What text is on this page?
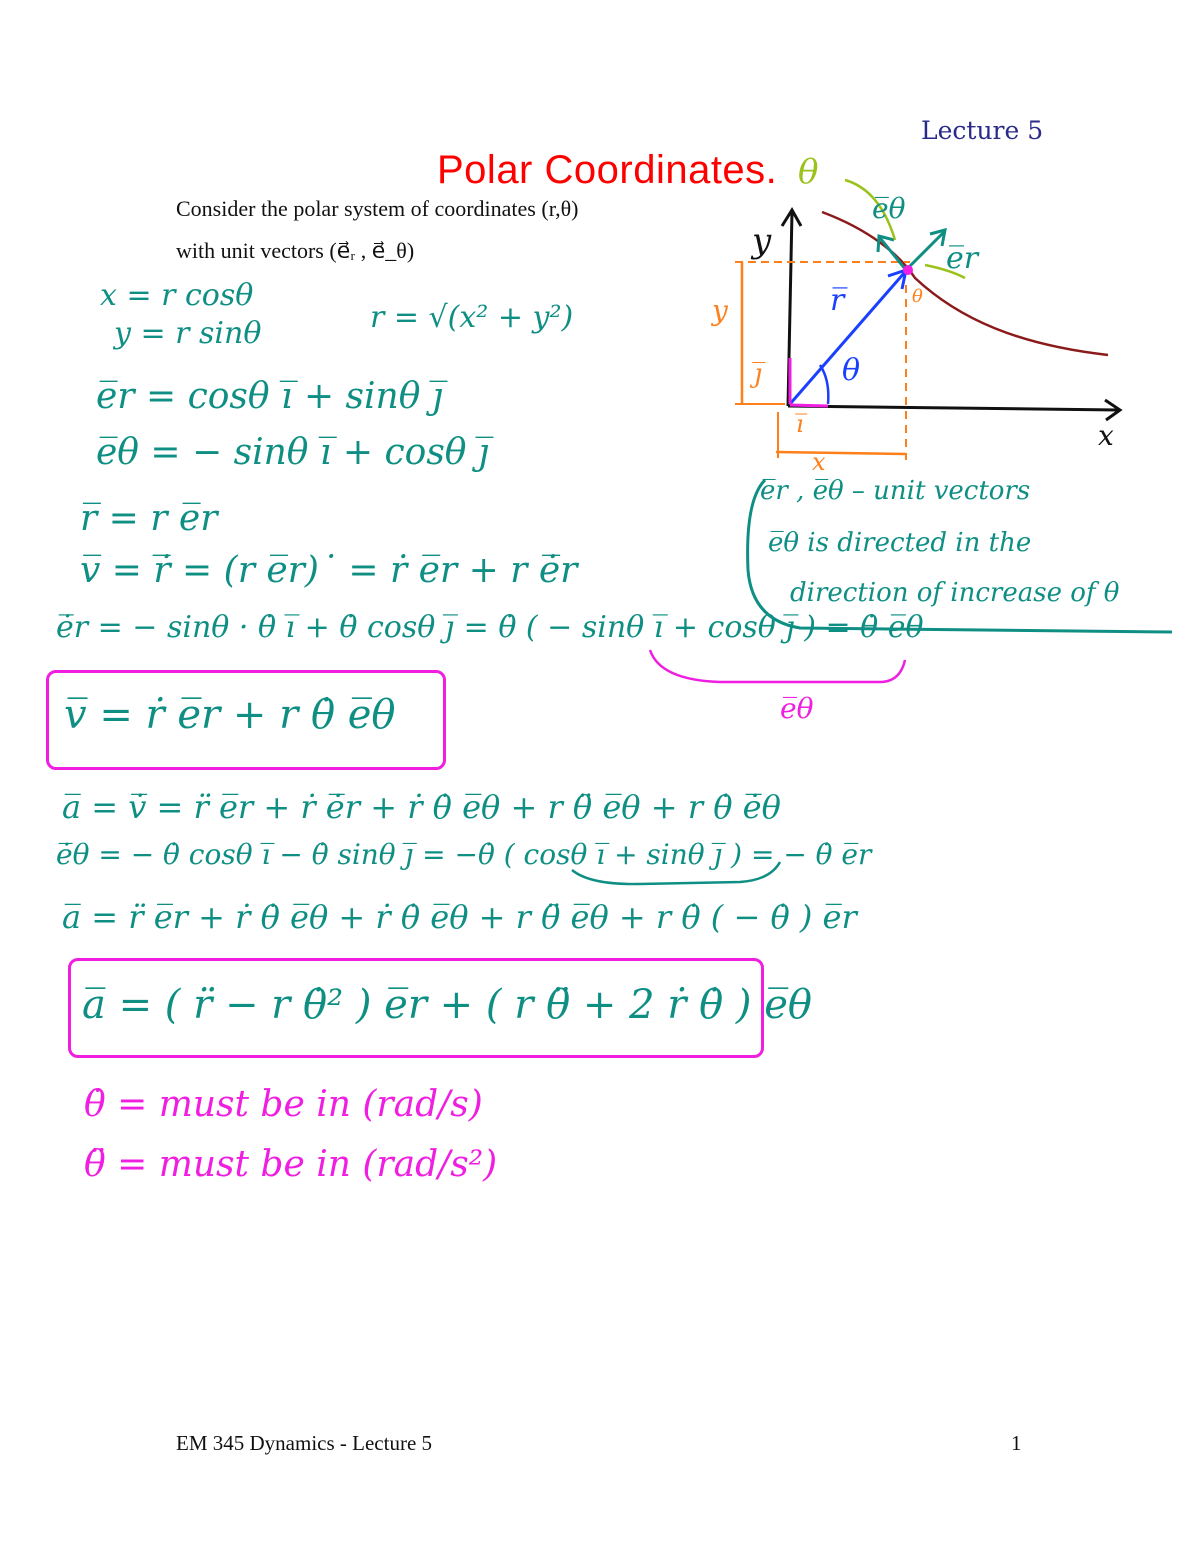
Lecture 5
Polar Coordinates.
Consider the polar system of coordinates (r,θ)
with unit vectors (e⃗ᵣ , e⃗_θ)
θ
e̅θ
e̅r
y
x
r̅
θ
y
x
j̅
i̅
θ
e̅r , e̅θ – unit vectors
e̅θ is directed in the
direction of increase of θ
x = r cosθ
y = r sinθ	r = √(x² + y²)
e̅r = cosθ i̅ + sinθ j̅
e̅θ = − sinθ i̅ + cosθ j̅
r̅ = r e̅r
v̅ = ṙ̅ = (r e̅r)˙ = ṙ e̅r + r ė̅r
ė̅r = − sinθ · θ̇ i̅ + θ̇ cosθ j̅ = θ̇ ( − sinθ i̅ + cosθ j̅ ) = θ̇ e̅θ
e̅θ
v̅ = ṙ e̅r + r θ̇ e̅θ
a̅ = v̅̇ = r̈ e̅r + ṙ ė̅r + ṙ θ̇ e̅θ + r θ̈ e̅θ + r θ̇ ė̅θ
ė̅θ = − θ̇ cosθ i̅ − θ̇ sinθ j̅ = −θ̇ ( cosθ i̅ + sinθ j̅ ) = − θ̇ e̅r
a̅ = r̈ e̅r + ṙ θ̇ e̅θ + ṙ θ̇ e̅θ + r θ̈ e̅θ + r θ̇ ( − θ̇ ) e̅r
a̅ = ( r̈ − r θ̇² ) e̅r + ( r θ̈ + 2 ṙ θ̇ ) e̅θ
θ̇ = must be in (rad/s)
θ̈ = must be in (rad/s²)
EM 345 Dynamics - Lecture 5	1
